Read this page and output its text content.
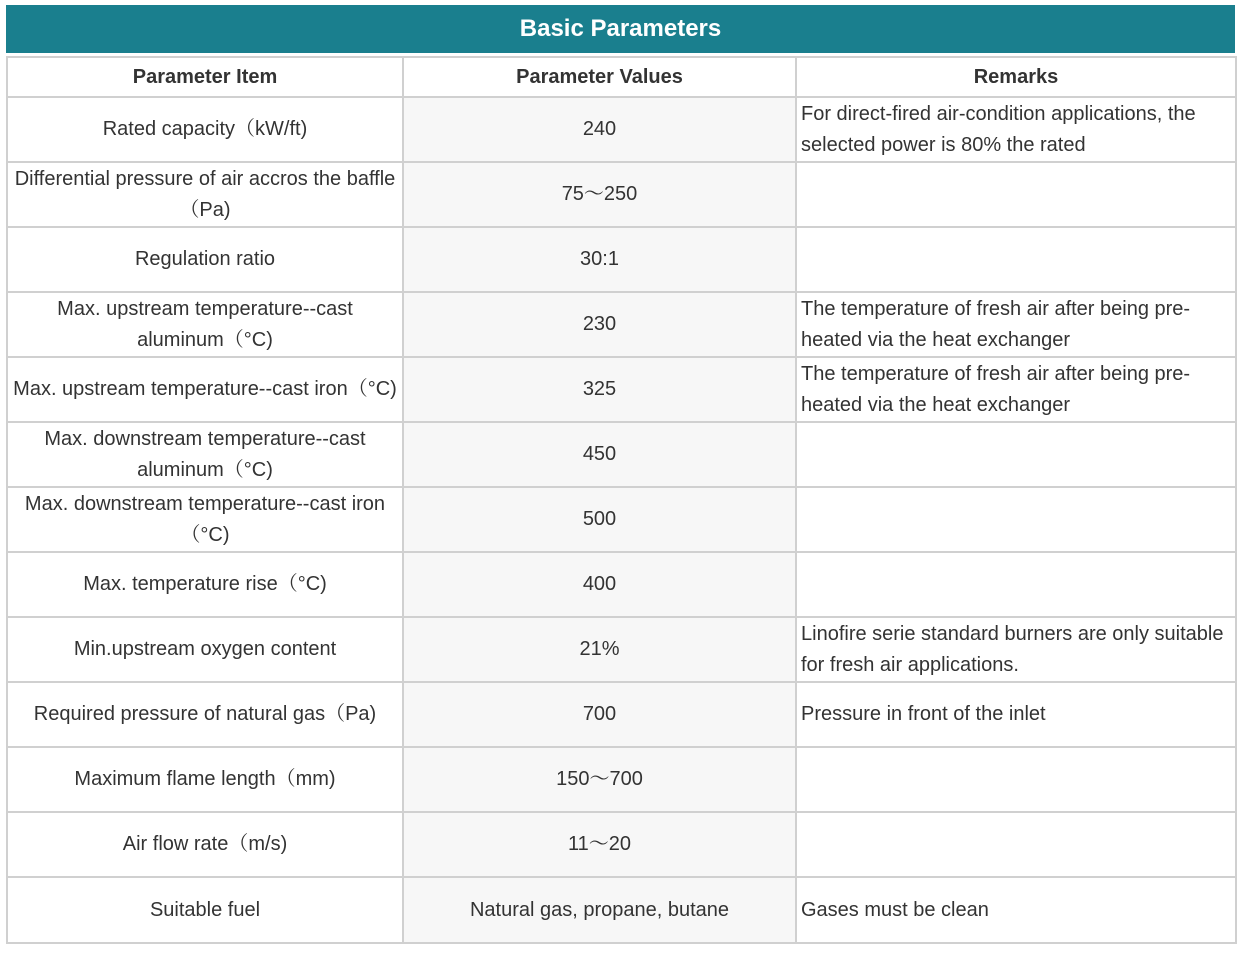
Basic Parameters
Parameter Item	Parameter Values	Remarks
Rated capacity（kW/ft)	240	For direct-fired air-condition applications, the selected power is 80% the rated
Differential pressure of air accros the baffle（Pa)	75～250	
Regulation ratio	30:1	
Max. upstream temperature--cast aluminum（°C)	230	The temperature of fresh air after being pre-heated via the heat exchanger
Max. upstream temperature--cast iron（°C)	325	The temperature of fresh air after being pre-heated via the heat exchanger
Max. downstream temperature--cast aluminum（°C)	450	
Max. downstream temperature--cast iron（°C)	500	
Max. temperature rise（°C)	400	
Min.upstream oxygen content	21%	Linofire serie standard burners are only suitable for fresh air applications.
Required pressure of natural gas（Pa)	700	Pressure in front of the inlet
Maximum flame length（mm)	150～700	
Air flow rate（m/s)	11～20	
Suitable fuel	Natural gas, propane, butane	Gases must be clean
